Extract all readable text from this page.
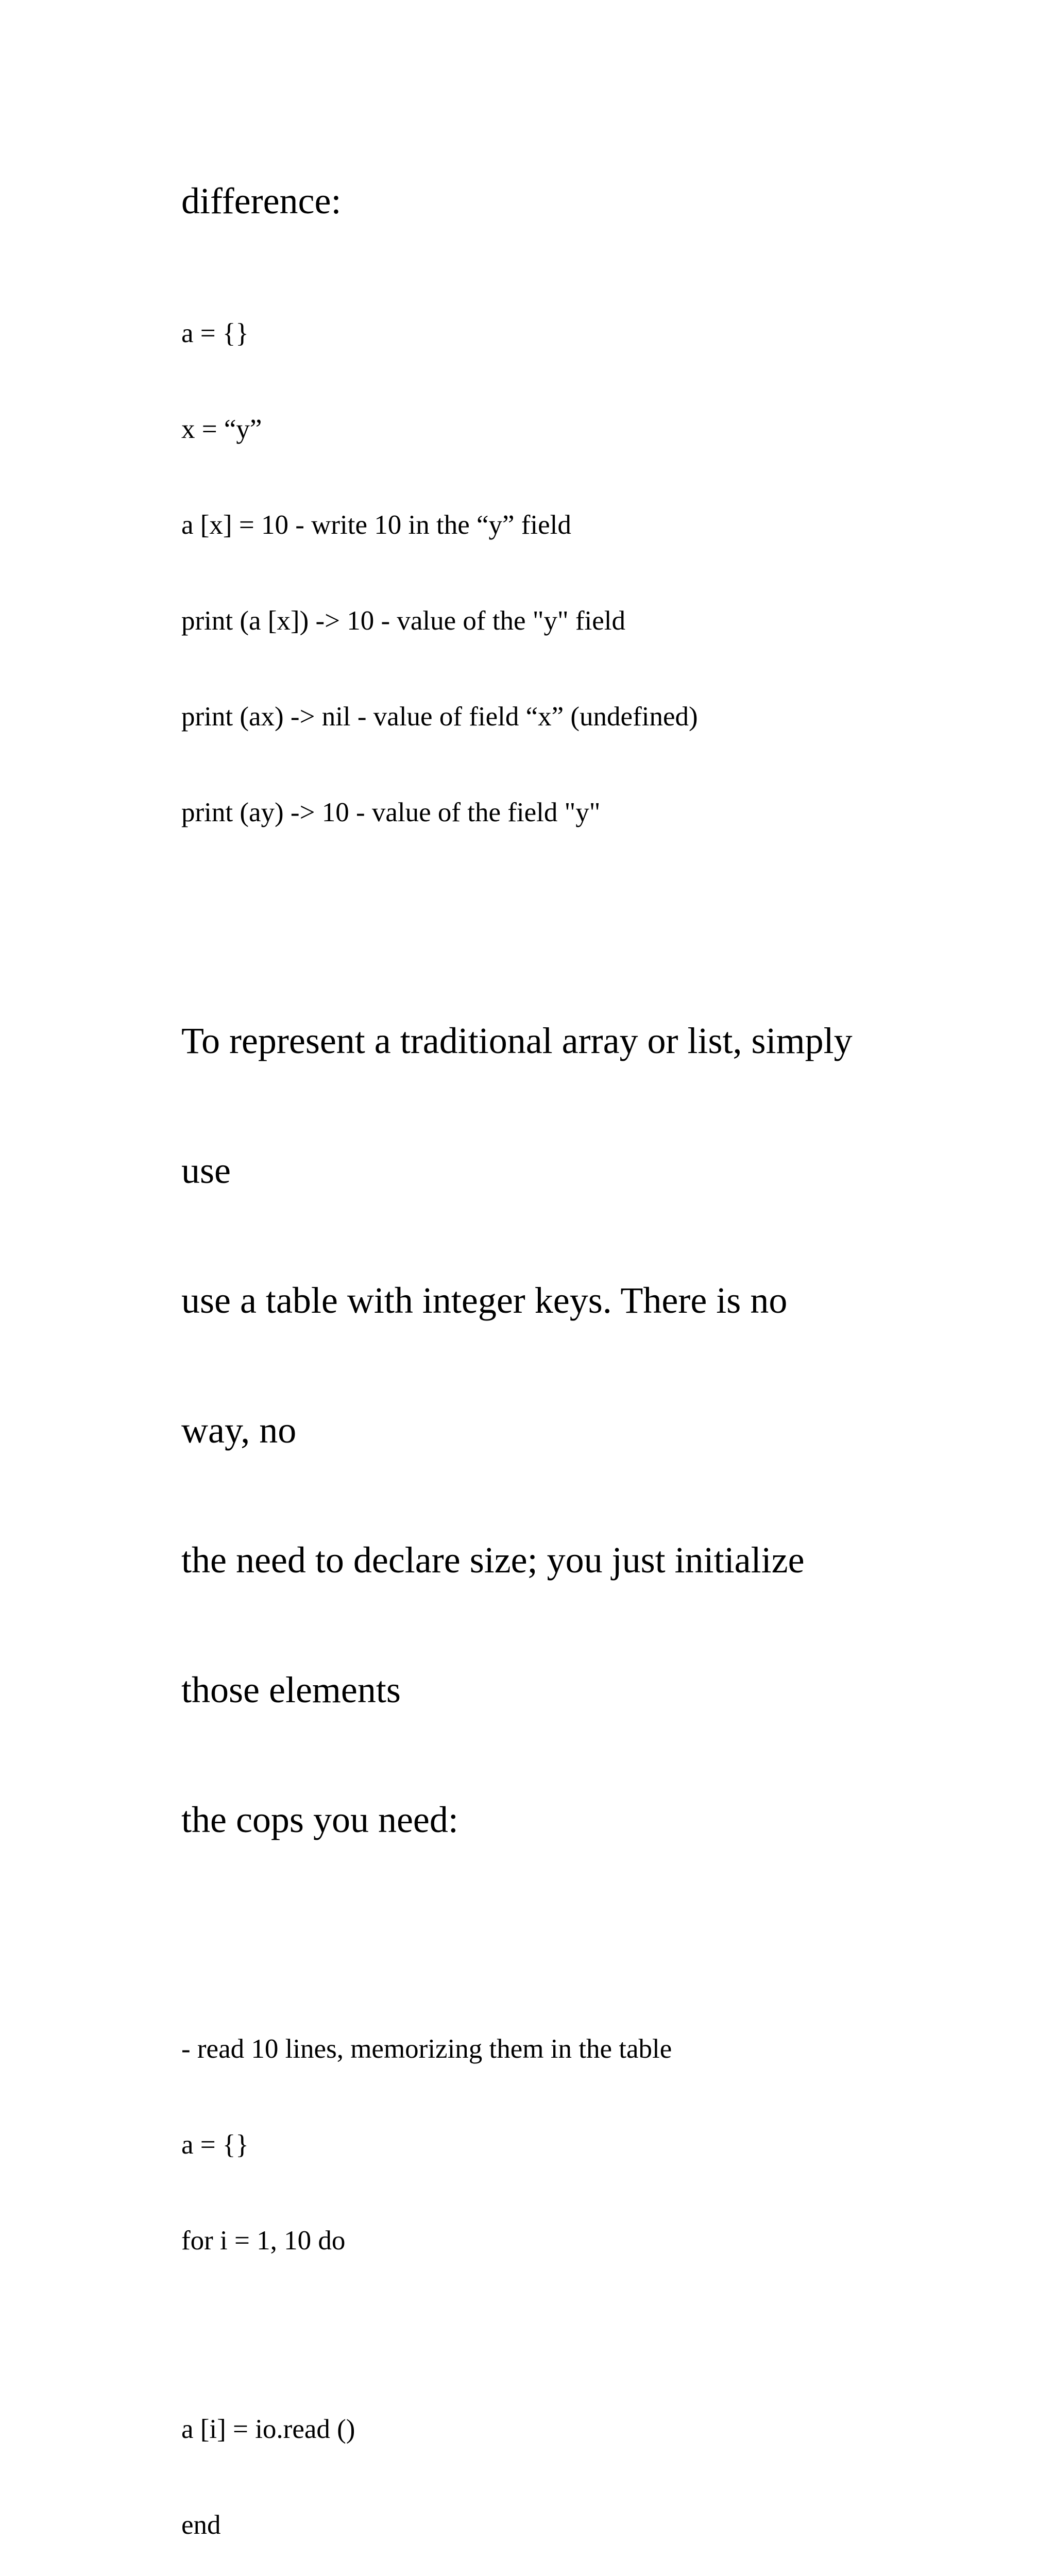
difference:

a = {}

x = “y”

a [x] = 10 - write 10 in the “y” field

print (a [x]) -> 10 - value of the "y" field

print (ax) -> nil - value of field “x” (undefined)

print (ay) -> 10 - value of the field "y"

To represent a traditional array or list, simply

use

use a table with integer keys. There is no

way, no

the need to declare size; you just initialize

those elements

the cops you need:

- read 10 lines, memorizing them in the table

a = {}

for i = 1, 10 do

a [i] = io.read ()

end
